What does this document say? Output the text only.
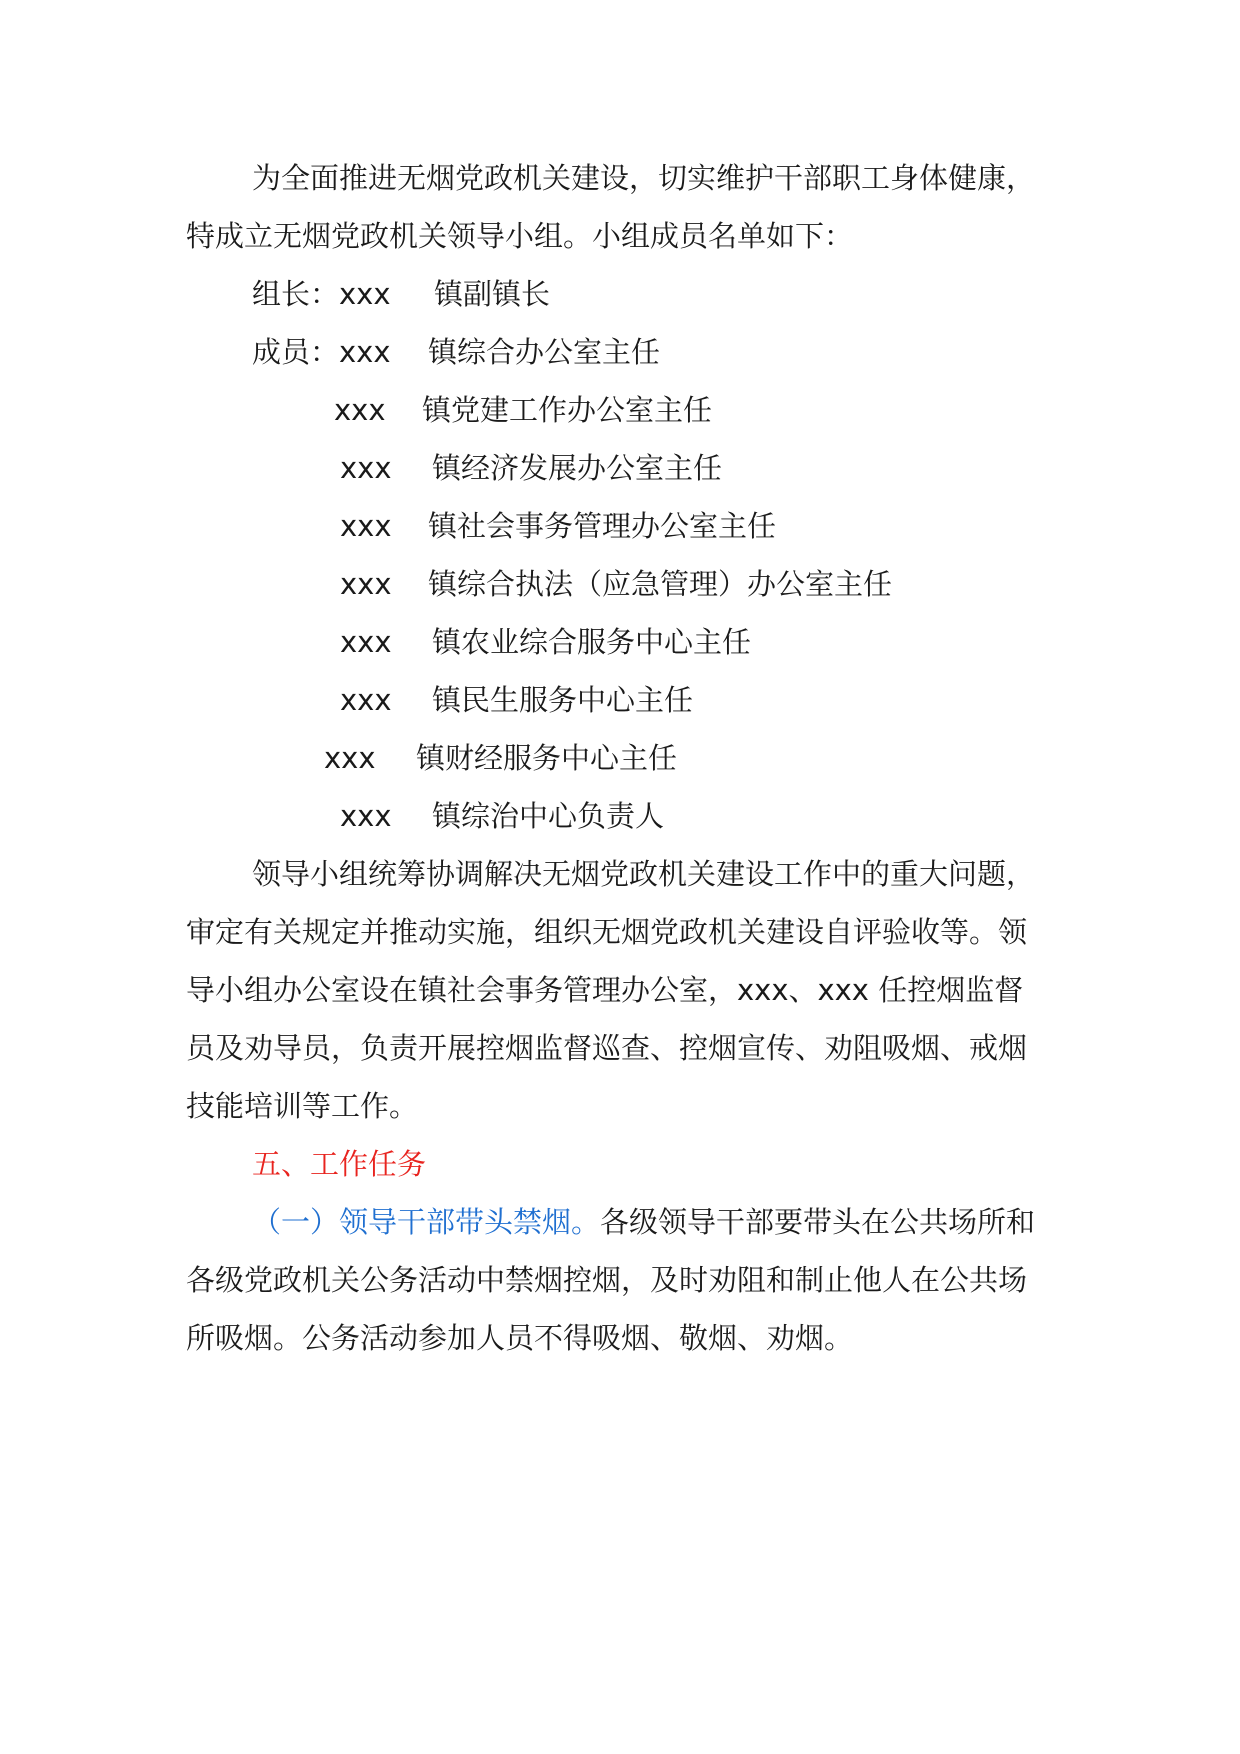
为全面推进无烟党政机关建设，切实维护干部职工身体健康，
特成立无烟党政机关领导小组。小组成员名单如下：
组长：xxx 镇副镇长
成员：xxx 镇综合办公室主任
xxx 镇党建工作办公室主任
xxx 镇经济发展办公室主任
xxx 镇社会事务管理办公室主任
xxx 镇综合执法（应急管理）办公室主任
xxx 镇农业综合服务中心主任
xxx 镇民生服务中心主任
xxx 镇财经服务中心主任
xxx 镇综治中心负责人
领导小组统筹协调解决无烟党政机关建设工作中的重大问题，
审定有关规定并推动实施，组织无烟党政机关建设自评验收等。领
导小组办公室设在镇社会事务管理办公室，xxx、xxx 任控烟监督
员及劝导员，负责开展控烟监督巡查、控烟宣传、劝阻吸烟、戒烟
技能培训等工作。
五、工作任务
（一）领导干部带头禁烟。各级领导干部要带头在公共场所和
各级党政机关公务活动中禁烟控烟，及时劝阻和制止他人在公共场
所吸烟。公务活动参加人员不得吸烟、敬烟、劝烟。
